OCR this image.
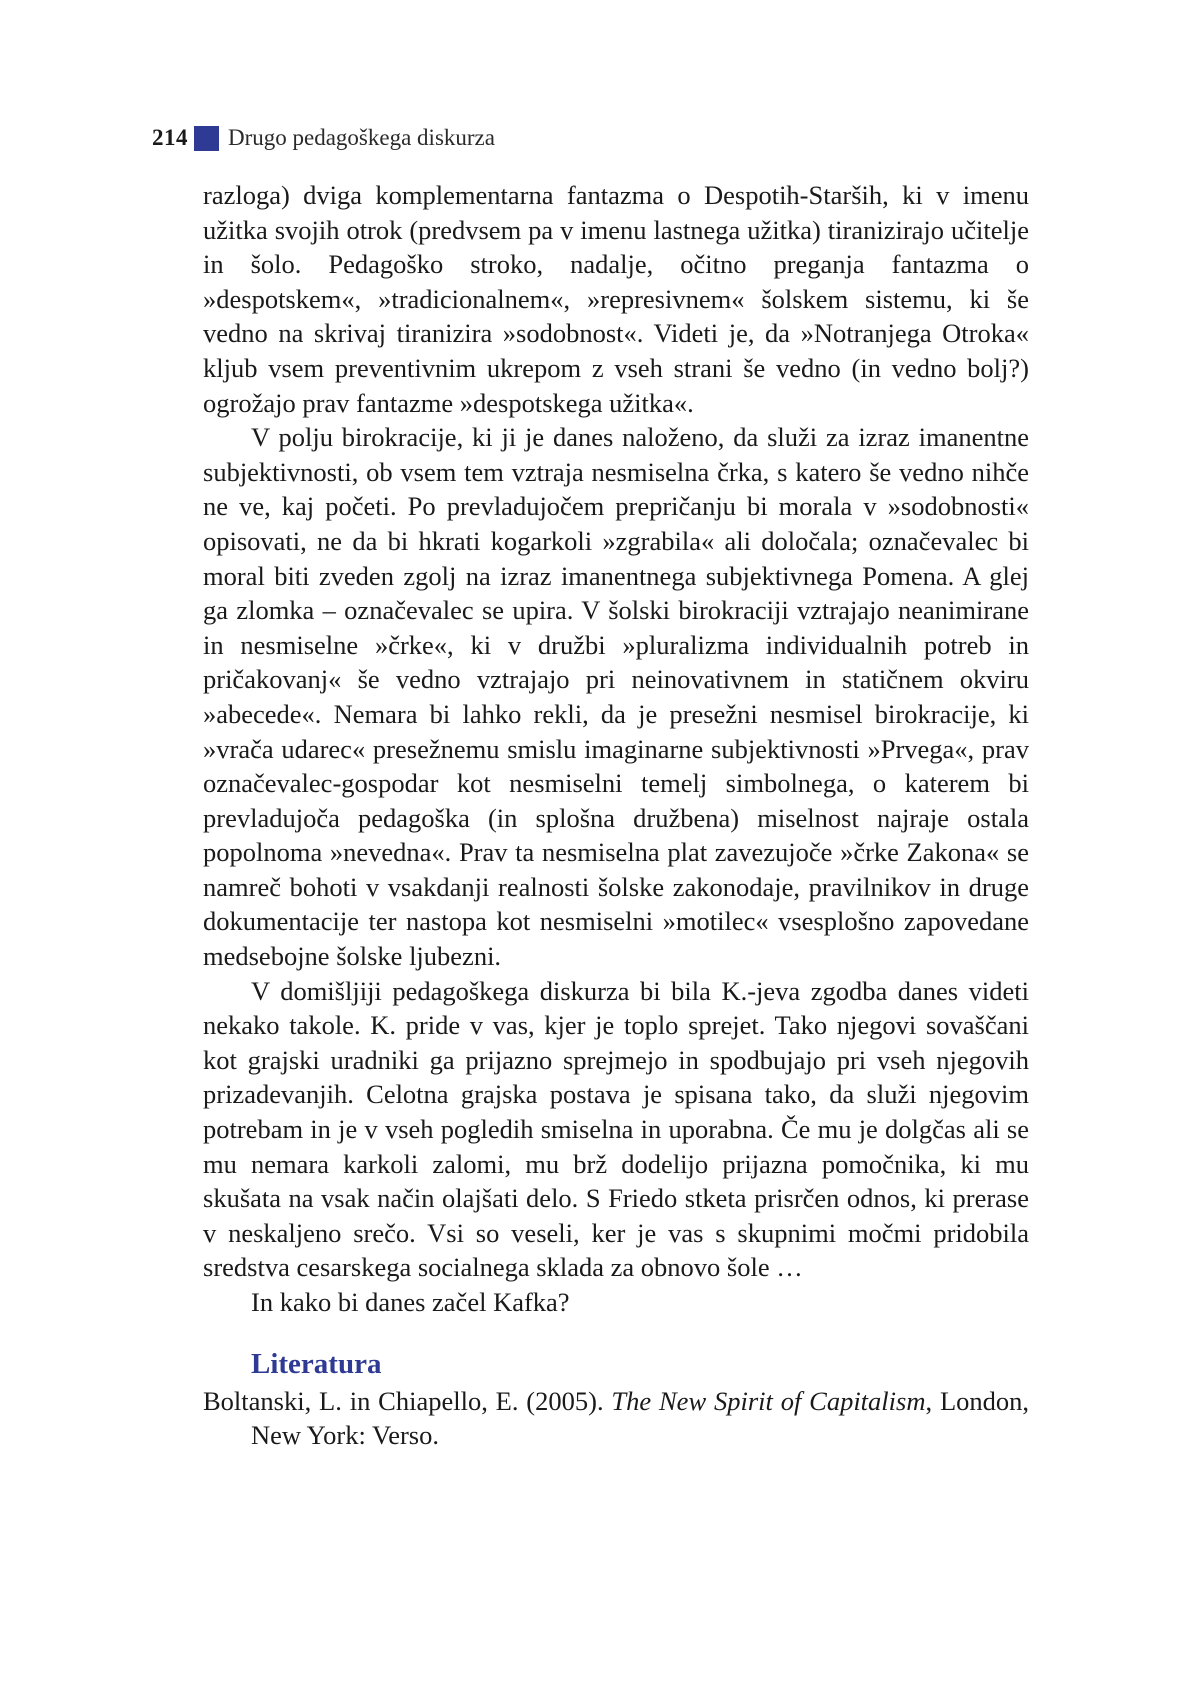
214 Drugo pedagoškega diskurza

razloga) dviga komplementarna fantazma o Despotih-Starših, ki v imenu užitka svojih otrok (predvsem pa v imenu lastnega užitka) tiranizirajo učitelje in šolo. Pedagoško stroko, nadalje, očitno preganja fantazma o »despotskem«, »tradicionalnem«, »represivnem« šolskem sistemu, ki še vedno na skrivaj tiranizira »sodobnost«. Videti je, da »Notranjega Otroka« kljub vsem preventivnim ukrepom z vseh strani še vedno (in vedno bolj?) ogrožajo prav fantazme »despotskega užitka«.

V polju birokracije, ki ji je danes naloženo, da služi za izraz imanentne subjektivnosti, ob vsem tem vztraja nesmiselna črka, s katero še vedno nihče ne ve, kaj početi. Po prevladujočem prepričanju bi morala v »sodobnosti« opisovati, ne da bi hkrati kogarkoli »zgrabila« ali določala; označevalec bi moral biti zveden zgolj na izraz imanentnega subjektivnega Pomena. A glej ga zlomka – označevalec se upira. V šolski birokraciji vztrajajo neanimirane in nesmiselne »črke«, ki v družbi »pluralizma individualnih potreb in pričakovanj« še vedno vztrajajo pri neinovativnem in statičnem okviru »abecede«. Nemara bi lahko rekli, da je presežni nesmisel birokracije, ki »vrača udarec« presežnemu smislu imaginarne subjektivnosti »Prvega«, prav označevalec-gospodar kot nesmiselni temelj simbolnega, o katerem bi prevladujoča pedagoška (in splošna družbena) miselnost najraje ostala popolnoma »nevedna«. Prav ta nesmiselna plat zavezujoče »črke Zakona« se namreč bohoti v vsakdanji realnosti šolske zakonodaje, pravilnikov in druge dokumentacije ter nastopa kot nesmiselni »motilec« vsesplošno zapovedane medsebojne šolske ljubezni.

V domišljiji pedagoškega diskurza bi bila K.-jeva zgodba danes videti nekako takole. K. pride v vas, kjer je toplo sprejet. Tako njegovi sovaščani kot grajski uradniki ga prijazno sprejmejo in spodbujajo pri vseh njegovih prizadevanjih. Celotna grajska postava je spisana tako, da služi njegovim potrebam in je v vseh pogledih smiselna in uporabna. Če mu je dolgčas ali se mu nemara karkoli zalomi, mu brž dodelijo prijazna pomočnika, ki mu skušata na vsak način olajšati delo. S Friedo stketa prisrčen odnos, ki prerase v neskaljeno srečo. Vsi so veseli, ker je vas s skupnimi močmi pridobila sredstva cesarskega socialnega sklada za obnovo šole …

In kako bi danes začel Kafka?

Literatura

Boltanski, L. in Chiapello, E. (2005). The New Spirit of Capitalism, London, New York: Verso.
